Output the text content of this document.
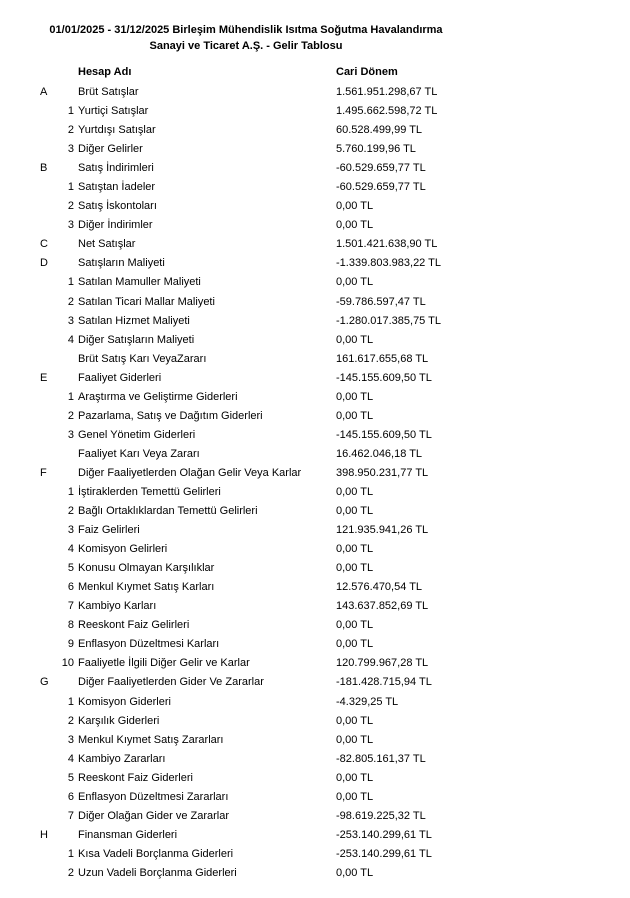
01/01/2025 - 31/12/2025 Birleşim Mühendislik Isıtma Soğutma Havalandırma
Sanayi ve Ticaret A.Ş. - Gelir Tablosu
Hesap Adı	Cari Dönem
A	Brüt Satışlar	1.561.951.298,67 TL
1 Yurtiçi Satışlar	1.495.662.598,72 TL
2 Yurtdışı Satışlar	60.528.499,99 TL
3 Diğer Gelirler	5.760.199,96 TL
B	Satış İndirimleri	-60.529.659,77 TL
1 Satıştan İadeler	-60.529.659,77 TL
2 Satış İskontoları	0,00 TL
3 Diğer İndirimler	0,00 TL
C	Net Satışlar	1.501.421.638,90 TL
D	Satışların Maliyeti	-1.339.803.983,22 TL
1 Satılan Mamuller Maliyeti	0,00 TL
2 Satılan Ticari Mallar Maliyeti	-59.786.597,47 TL
3 Satılan Hizmet Maliyeti	-1.280.017.385,75 TL
4 Diğer Satışların Maliyeti	0,00 TL
Brüt Satış Karı VeyaZararı	161.617.655,68 TL
E	Faaliyet Giderleri	-145.155.609,50 TL
1 Araştırma ve Geliştirme Giderleri	0,00 TL
2 Pazarlama, Satış ve Dağıtım Giderleri	0,00 TL
3 Genel Yönetim Giderleri	-145.155.609,50 TL
Faaliyet Karı Veya Zararı	16.462.046,18 TL
F	Diğer Faaliyetlerden Olağan Gelir Veya Karlar	398.950.231,77 TL
1 İştiraklerden Temettü Gelirleri	0,00 TL
2 Bağlı Ortaklıklardan Temettü Gelirleri	0,00 TL
3 Faiz Gelirleri	121.935.941,26 TL
4 Komisyon Gelirleri	0,00 TL
5 Konusu Olmayan Karşılıklar	0,00 TL
6 Menkul Kıymet Satış Karları	12.576.470,54 TL
7 Kambiyo Karları	143.637.852,69 TL
8 Reeskont Faiz Gelirleri	0,00 TL
9 Enflasyon Düzeltmesi Karları	0,00 TL
10 Faaliyetle İlgili Diğer Gelir ve Karlar	120.799.967,28 TL
G	Diğer Faaliyetlerden Gider Ve Zararlar	-181.428.715,94 TL
1 Komisyon Giderleri	-4.329,25 TL
2 Karşılık Giderleri	0,00 TL
3 Menkul Kıymet Satış Zararları	0,00 TL
4 Kambiyo Zararları	-82.805.161,37 TL
5 Reeskont Faiz Giderleri	0,00 TL
6 Enflasyon Düzeltmesi Zararları	0,00 TL
7 Diğer Olağan Gider ve Zararlar	-98.619.225,32 TL
H	Finansman Giderleri	-253.140.299,61 TL
1 Kısa Vadeli Borçlanma Giderleri	-253.140.299,61 TL
2 Uzun Vadeli Borçlanma Giderleri	0,00 TL
